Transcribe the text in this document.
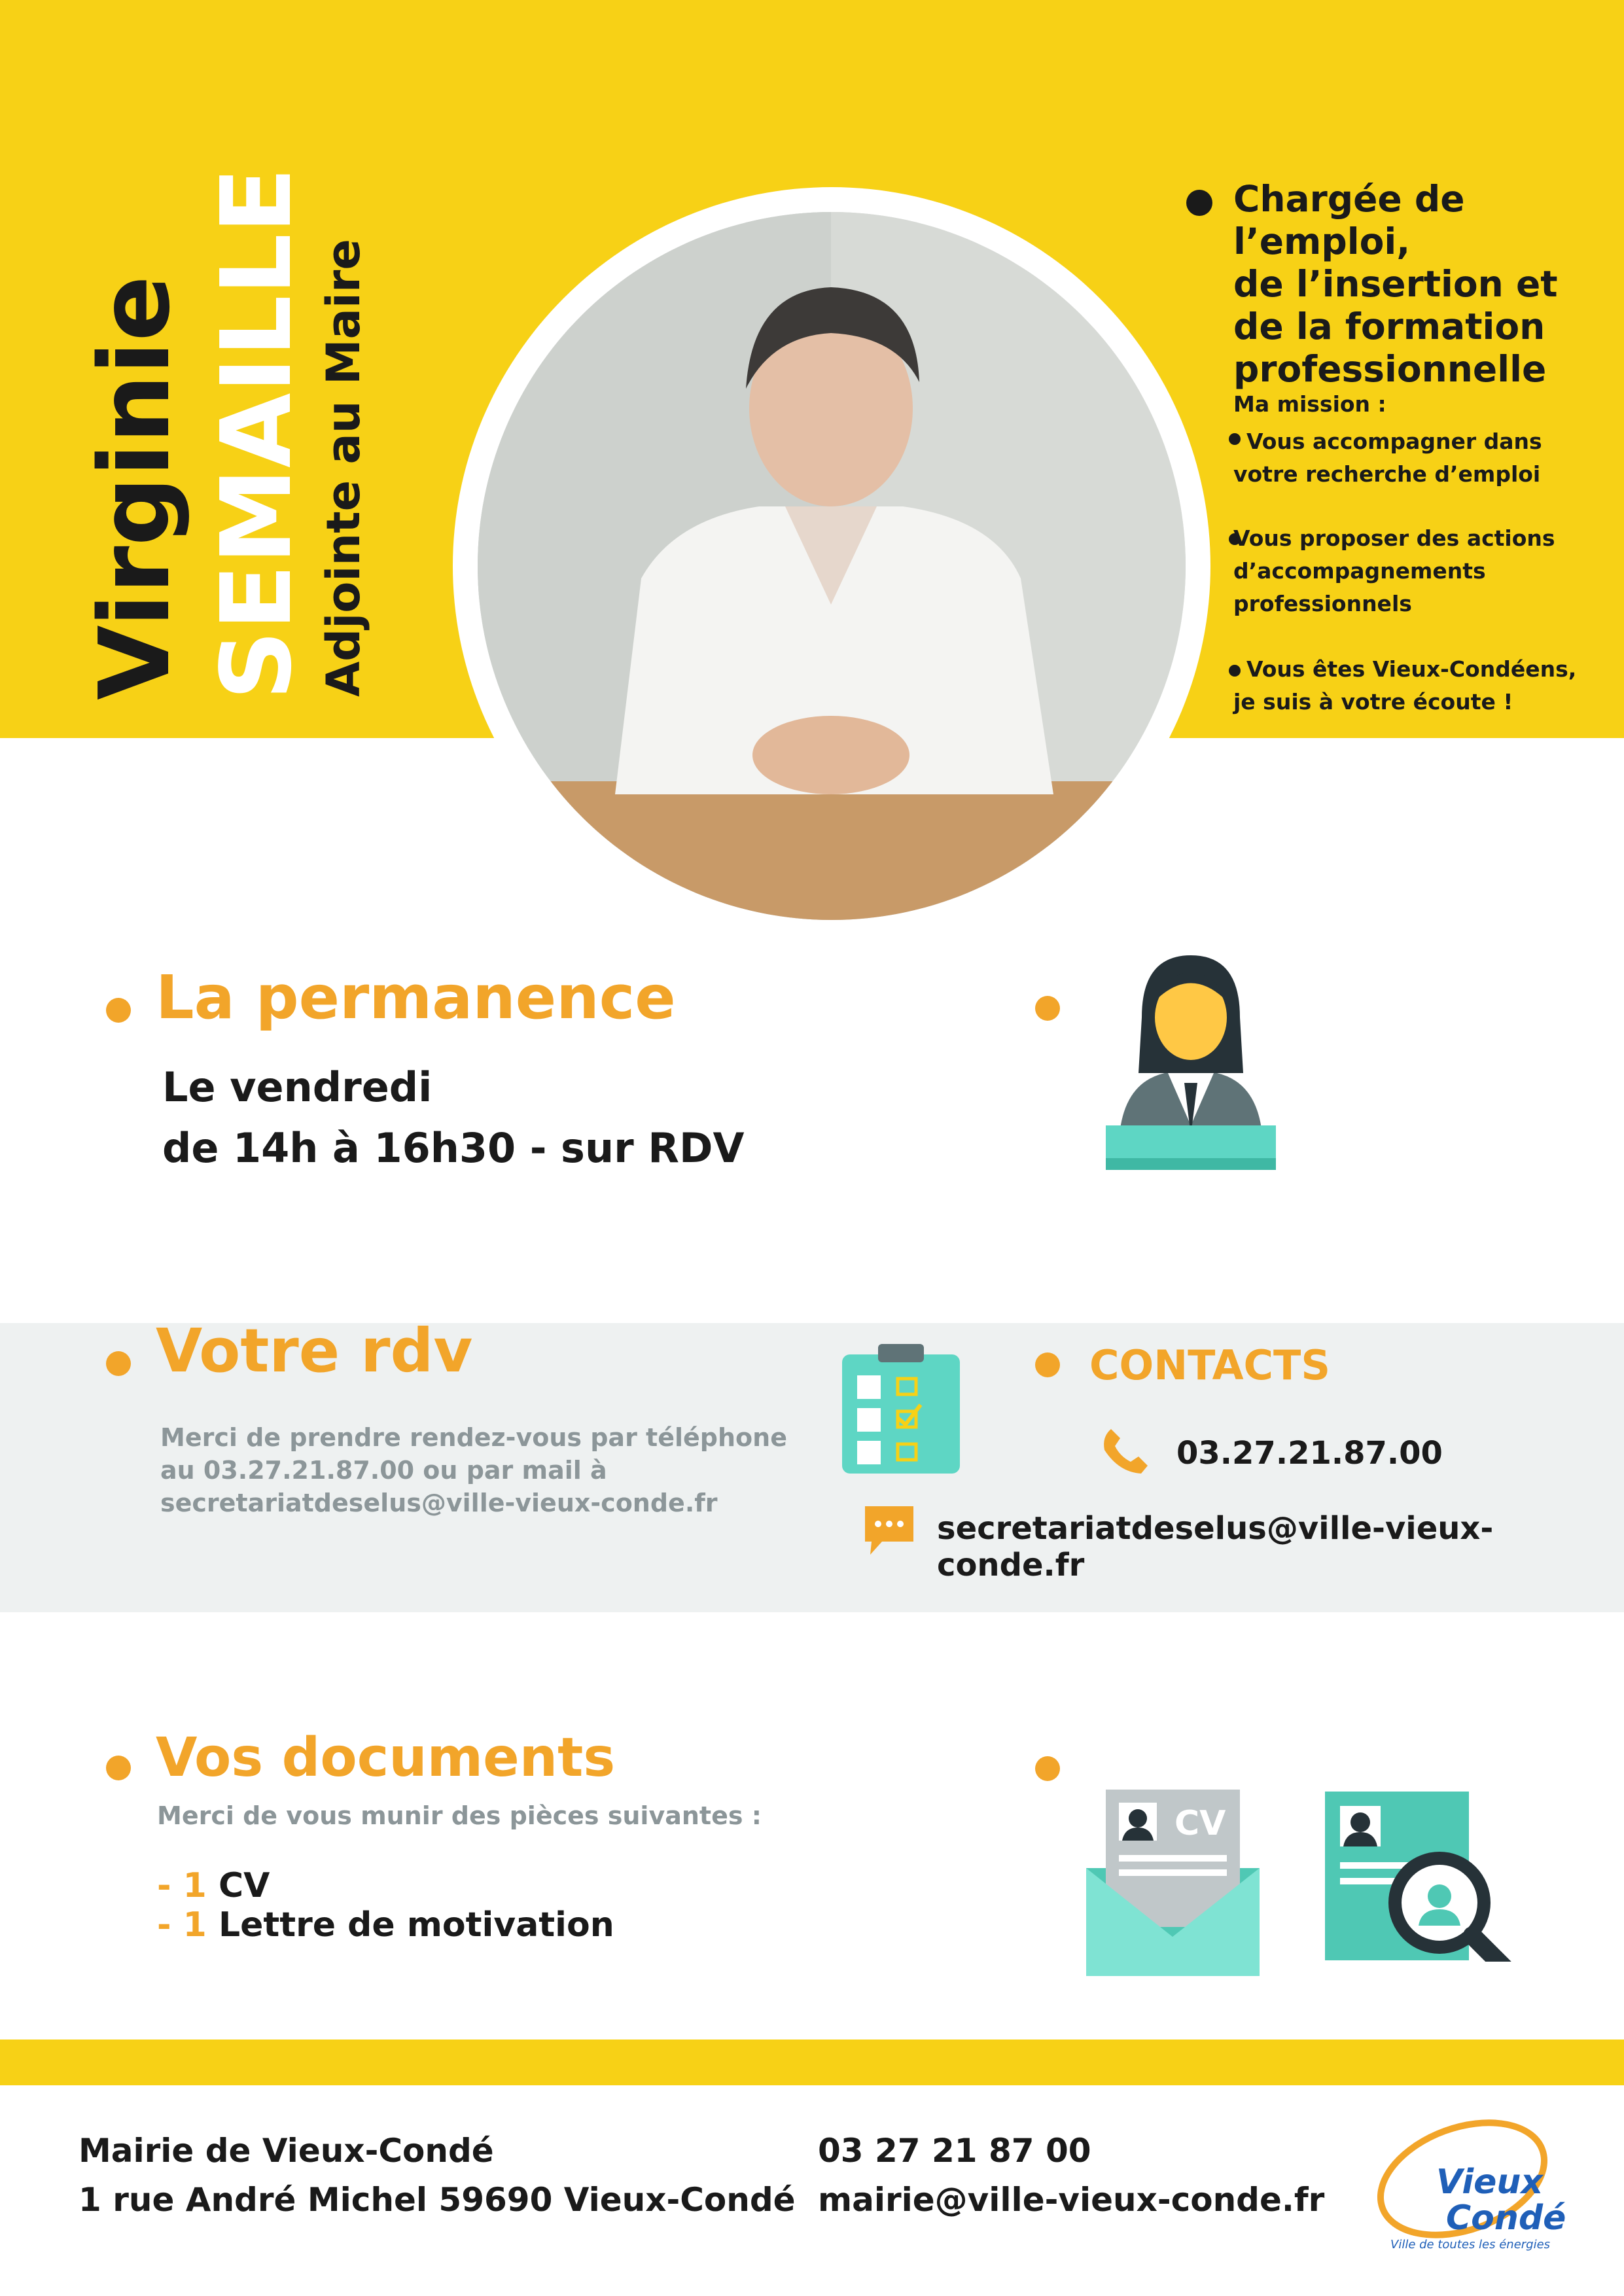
Virginie SEMAILLE Adjointe au Maire
Chargée de l’emploi,
de l’insertion et
de la formation
professionnelle
Ma mission :
Vous accompagner dans
votre recherche d’emploi
Vous proposer des actions
d’accompagnements
professionnels
Vous êtes Vieux-Condéens,
je suis à votre écoute !
La permanence
Le vendredi
de 14h à 16h30 - sur RDV
Votre rdv
Merci de prendre rendez-vous par téléphone
au 03.27.21.87.00 ou par mail à
secretariatdeselus@ville-vieux-conde.fr
CONTACTS
03.27.21.87.00
secretariatdeselus@ville-vieux-conde.fr
Vos documents
Merci de vous munir des pièces suivantes :
- 1 CV
- 1 Lettre de motivation
CV
Mairie de Vieux-Condé
1 rue André Michel 59690 Vieux-Condé
03 27 21 87 00
mairie@ville-vieux-conde.fr	Vieux
Condé
Ville de toutes les énergies
